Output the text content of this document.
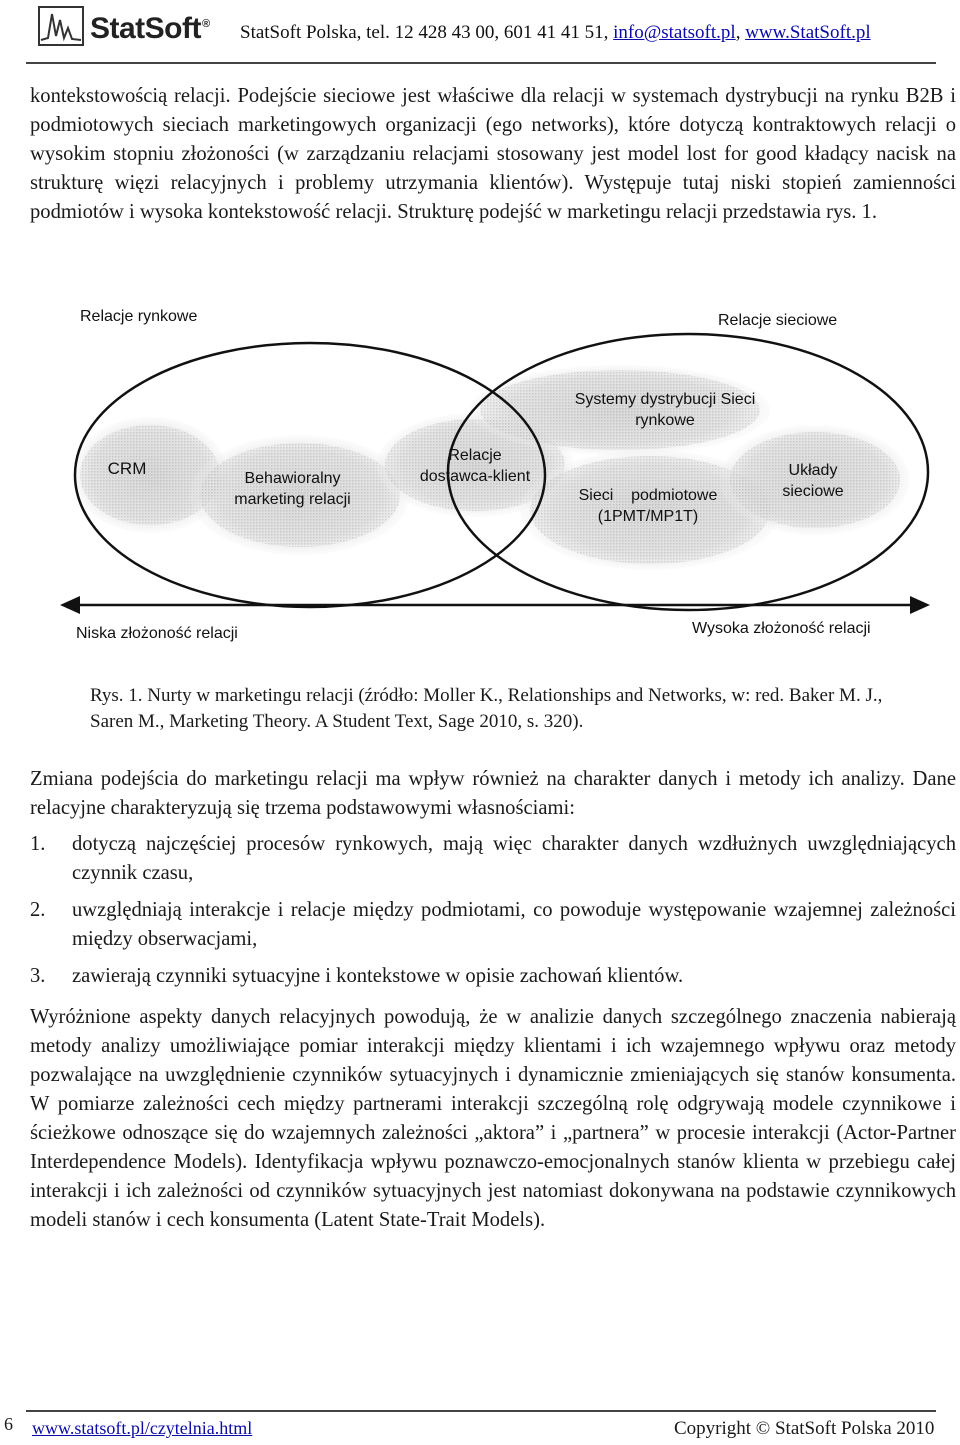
StatSoft® StatSoft Polska, tel. 12 428 43 00, 601 41 41 51, info@statsoft.pl, www.StatSoft.pl

kontekstowością relacji. Podejście sieciowe jest właściwe dla relacji w systemach dystrybucji na rynku B2B i podmiotowych sieciach marketingowych organizacji (ego networks), które dotyczą kontraktowych relacji o wysokim stopniu złożoności (w zarządzaniu relacjami stosowany jest model lost for good kładący nacisk na strukturę więzi relacyjnych i problemy utrzymania klientów). Występuje tutaj niski stopień zamienności podmiotów i wysoka kontekstowość relacji. Strukturę podejść w marketingu relacji przedstawia rys. 1.

Relacje rynkowe	Relacje sieciowe
CRM
Behawioralny
marketing relacji
Relacje
dostawca-klient
Systemy dystrybucji Sieci
rynkowe
Sieci    podmiotowe
(1PMT/MP1T)
Układy
sieciowe
Niska złożoność relacji	Wysoka złożoność relacji
Rys. 1. Nurty w marketingu relacji (źródło: Moller K., Relationships and Networks, w: red. Baker M. J., Saren M., Marketing Theory. A Student Text, Sage 2010, s. 320).

Zmiana podejścia do marketingu relacji ma wpływ również na charakter danych i metody ich analizy. Dane relacyjne charakteryzują się trzema podstawowymi własnościami:

1. dotyczą najczęściej procesów rynkowych, mają więc charakter danych wzdłużnych uwzględniających czynnik czasu,
2. uwzględniają interakcje i relacje między podmiotami, co powoduje występowanie wzajemnej zależności między obserwacjami,
3. zawierają czynniki sytuacyjne i kontekstowe w opisie zachowań klientów.

Wyróżnione aspekty danych relacyjnych powodują, że w analizie danych szczególnego znaczenia nabierają metody analizy umożliwiające pomiar interakcji między klientami i ich wzajemnego wpływu oraz metody pozwalające na uwzględnienie czynników sytuacyjnych i dynamicznie zmieniających się stanów konsumenta. W pomiarze zależności cech między partnerami interakcji szczególną rolę odgrywają modele czynnikowe i ścieżkowe odnoszące się do wzajemnych zależności „aktora” i „partnera” w procesie interakcji (Actor-Partner Interdependence Models). Identyfikacja wpływu poznawczo-emocjonalnych stanów klienta w przebiegu całej interakcji i ich zależności od czynników sytuacyjnych jest natomiast dokonywana na podstawie czynnikowych modeli stanów i cech konsumenta (Latent State-Trait Models).

6 www.statsoft.pl/czytelnia.html	Copyright © StatSoft Polska 2010
